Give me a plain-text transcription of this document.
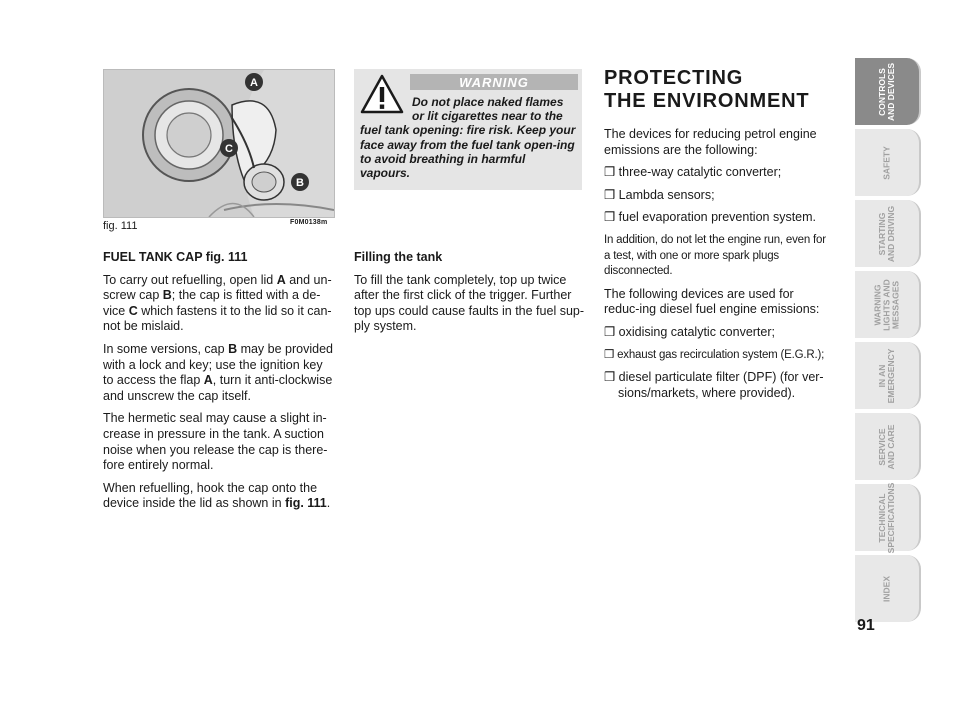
A
C
B
fig. 111	F0M0138m

FUEL TANK CAP fig. 111

To carry out refuelling, open lid A and un-screw cap B; the cap is fitted with a de-vice C which fastens it to the lid so it can-not be mislaid.

In some versions, cap B may be provided with a lock and key; use the ignition key to access the flap A, turn it anti-clockwise and unscrew the cap itself.

The hermetic seal may cause a slight in-crease in pressure in the tank. A suction noise when you release the cap is there-fore entirely normal.

When refuelling, hook the cap onto the device inside the lid as shown in fig. 111.

WARNING
Do not place naked flames
or lit cigarettes near to the
fuel tank opening: fire risk. Keep your face away from the fuel tank open-ing to avoid breathing in harmful vapours.

Filling the tank

To fill the tank completely, top up twice after the first click of the trigger. Further top ups could cause faults in the fuel sup-ply system.

PROTECTING
THE ENVIRONMENT

The devices for reducing petrol engine emissions are the following:

❒ three-way catalytic converter;

❒ Lambda sensors;

❒ fuel evaporation prevention system.

In addition, do not let the engine run, even for a test, with one or more spark plugs disconnected.

The following devices are used for reduc-ing diesel fuel engine emissions:

❒ oxidising catalytic converter;

❒ exhaust gas recirculation system (E.G.R.);

❒ diesel particulate filter (DPF) (for ver-sions/markets, where provided).

CONTROLS
AND DEVICES
SAFETY
STARTING
AND DRIVING
WARNING
LIGHTS AND
MESSAGES
IN AN
EMERGENCY
SERVICE
AND CARE
TECHNICAL
SPECIFICATIONS
INDEX
91
